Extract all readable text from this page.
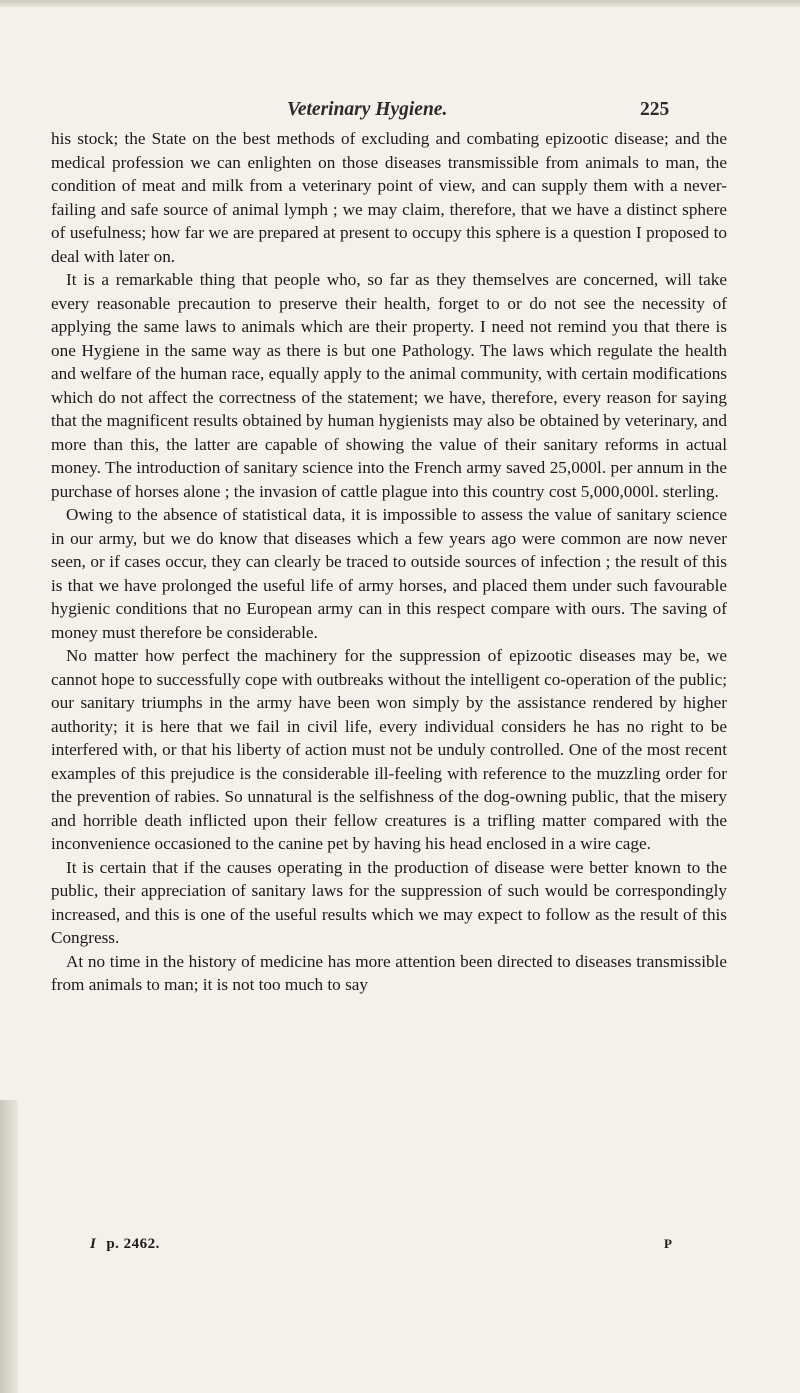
Veterinary Hygiene.	225

his stock; the State on the best methods of excluding and combating epizootic disease; and the medical profession we can enlighten on those diseases transmissible from animals to man, the condition of meat and milk from a veterinary point of view, and can supply them with a never-failing and safe source of animal lymph ; we may claim, therefore, that we have a distinct sphere of usefulness; how far we are prepared at present to occupy this sphere is a question I proposed to deal with later on.

It is a remarkable thing that people who, so far as they themselves are concerned, will take every reasonable precaution to preserve their health, forget to or do not see the necessity of applying the same laws to animals which are their property. I need not remind you that there is one Hygiene in the same way as there is but one Pathology. The laws which regulate the health and welfare of the human race, equally apply to the animal community, with certain modifications which do not affect the correctness of the statement; we have, therefore, every reason for saying that the magnificent results obtained by human hygienists may also be obtained by veterinary, and more than this, the latter are capable of showing the value of their sanitary reforms in actual money. The introduction of sanitary science into the French army saved 25,000l. per annum in the purchase of horses alone ; the invasion of cattle plague into this country cost 5,000,000l. sterling.

Owing to the absence of statistical data, it is impossible to assess the value of sanitary science in our army, but we do know that diseases which a few years ago were common are now never seen, or if cases occur, they can clearly be traced to outside sources of infection ; the result of this is that we have prolonged the useful life of army horses, and placed them under such favourable hygienic conditions that no European army can in this respect compare with ours. The saving of money must therefore be considerable.

No matter how perfect the machinery for the suppression of epizootic diseases may be, we cannot hope to successfully cope with outbreaks without the intelligent co-operation of the public; our sanitary triumphs in the army have been won simply by the assistance rendered by higher authority; it is here that we fail in civil life, every individual considers he has no right to be interfered with, or that his liberty of action must not be unduly controlled. One of the most recent examples of this prejudice is the considerable ill-feeling with reference to the muzzling order for the prevention of rabies. So unnatural is the selfishness of the dog-owning public, that the misery and horrible death inflicted upon their fellow creatures is a trifling matter compared with the inconvenience occasioned to the canine pet by having his head enclosed in a wire cage.

It is certain that if the causes operating in the production of disease were better known to the public, their appreciation of sanitary laws for the suppression of such would be correspondingly increased, and this is one of the useful results which we may expect to follow as the result of this Congress.

At no time in the history of medicine has more attention been directed to diseases transmissible from animals to man; it is not too much to say

I p. 2462.	P
